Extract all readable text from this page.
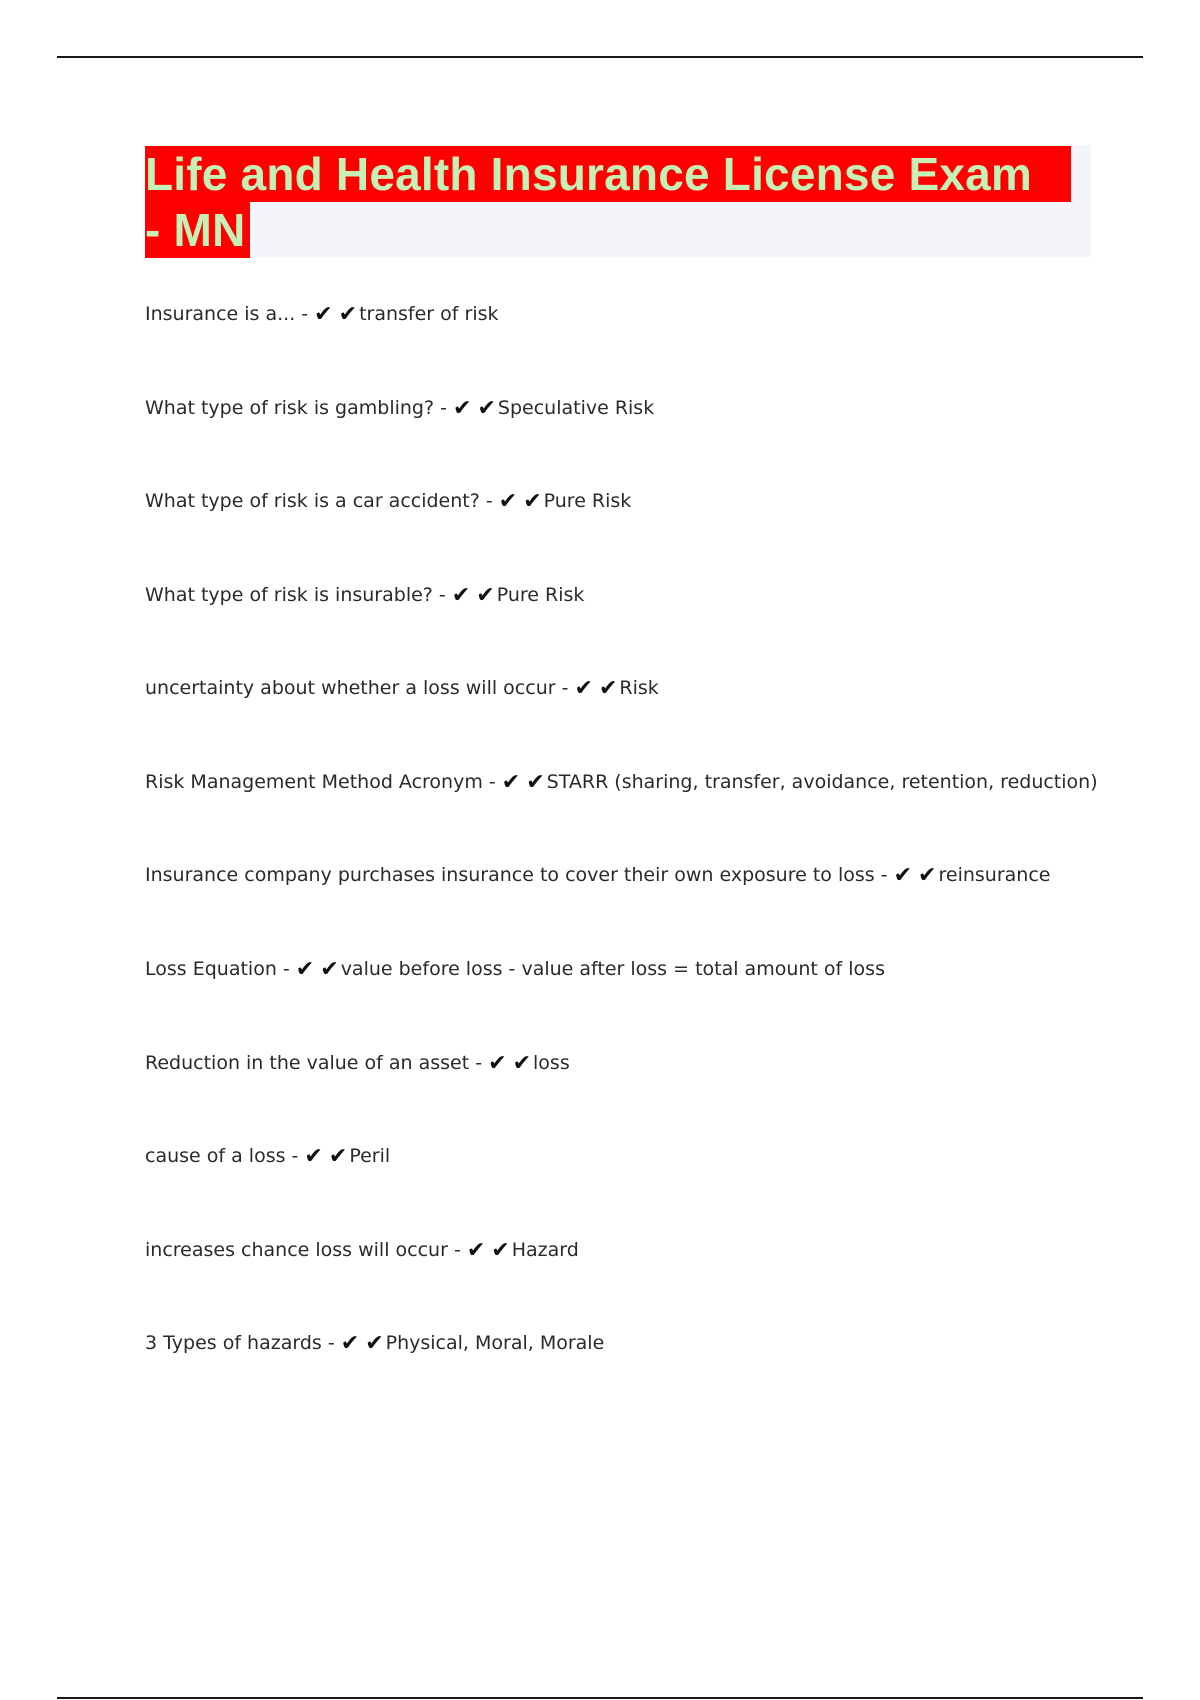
Life and Health Insurance License Exam
- MN
Insurance is a... - ✔ ✔ transfer of risk
What type of risk is gambling? - ✔ ✔ Speculative Risk
What type of risk is a car accident? - ✔ ✔ Pure Risk
What type of risk is insurable? - ✔ ✔ Pure Risk
uncertainty about whether a loss will occur - ✔ ✔ Risk
Risk Management Method Acronym - ✔ ✔ STARR (sharing, transfer, avoidance, retention, reduction)
Insurance company purchases insurance to cover their own exposure to loss - ✔ ✔ reinsurance
Loss Equation - ✔ ✔ value before loss - value after loss = total amount of loss
Reduction in the value of an asset - ✔ ✔ loss
cause of a loss - ✔ ✔ Peril
increases chance loss will occur - ✔ ✔ Hazard
3 Types of hazards - ✔ ✔ Physical, Moral, Morale
